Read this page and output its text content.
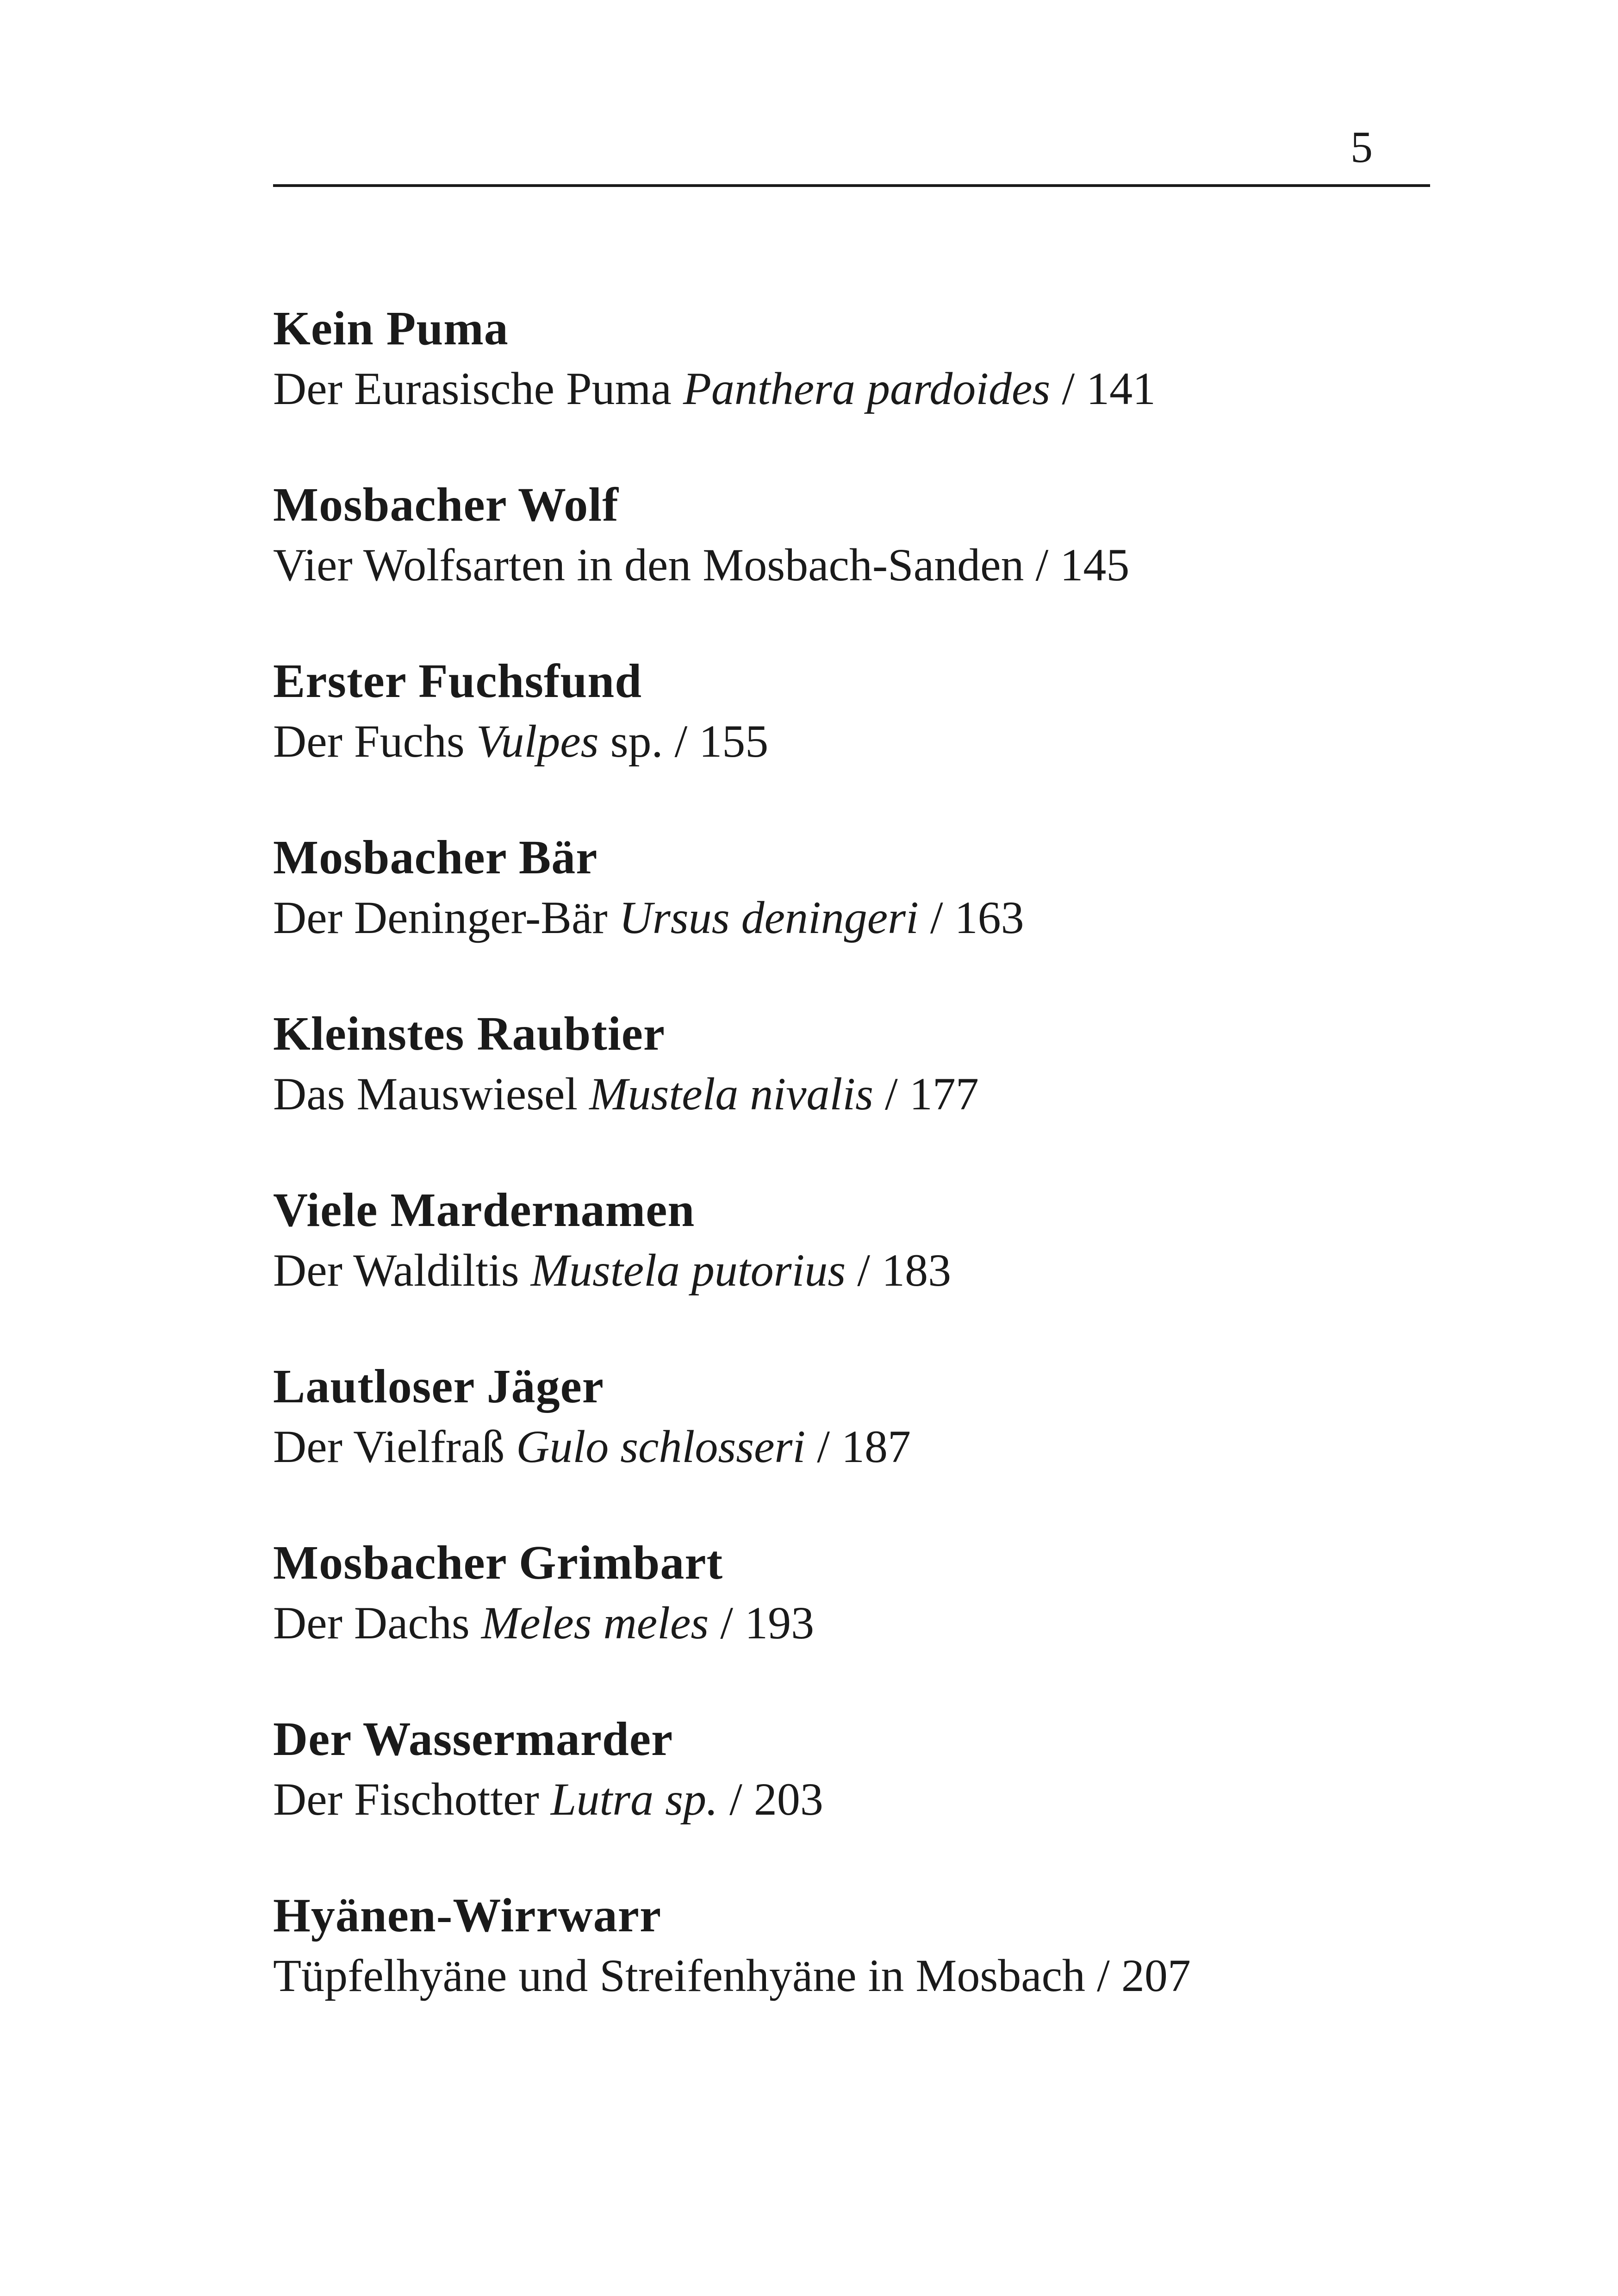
5
Kein Puma
Der Eurasische Puma Panthera pardoides / 141
Mosbacher Wolf
Vier Wolfsarten in den Mosbach-Sanden / 145
Erster Fuchsfund
Der Fuchs Vulpes sp. / 155
Mosbacher Bär
Der Deninger-Bär Ursus deningeri / 163
Kleinstes Raubtier
Das Mauswiesel Mustela nivalis / 177
Viele Mardernamen
Der Waldiltis Mustela putorius / 183
Lautloser Jäger
Der Vielfraß Gulo schlosseri / 187
Mosbacher Grimbart
Der Dachs Meles meles / 193
Der Wassermarder
Der Fischotter Lutra sp. / 203
Hyänen-Wirrwarr
Tüpfelhyäne und Streifenhyäne in Mosbach / 207
